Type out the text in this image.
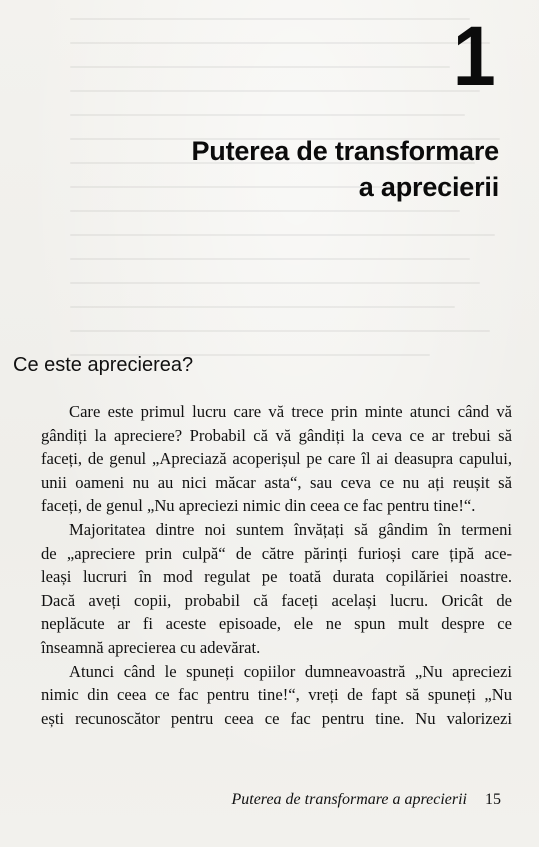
1
Puterea de transformare
a aprecierii
Ce este aprecierea?

Care este primul lucru care vă trece prin minte atunci când vă
gândiți la apreciere? Probabil că vă gândiți la ceva ce ar trebui să
faceți, de genul „Apreciază acoperișul pe care îl ai deasupra capului,
unii oameni nu au nici măcar asta“, sau ceva ce nu ați reușit să
faceți, de genul „Nu apreciezi nimic din ceea ce fac pentru tine!“.

Majoritatea dintre noi suntem învățați să gândim în termeni
de „apreciere prin culpă“ de către părinți furioși care țipă ace-
leași lucruri în mod regulat pe toată durata copilăriei noastre.
Dacă aveți copii, probabil că faceți același lucru. Oricât de
neplăcute ar fi aceste episoade, ele ne spun mult despre ce
înseamnă aprecierea cu adevărat.

Atunci când le spuneți copiilor dumneavoastră „Nu apreciezi
nimic din ceea ce fac pentru tine!“, vreți de fapt să spuneți „Nu
ești recunoscător pentru ceea ce fac pentru tine. Nu valorizezi

Puterea de transformare a aprecierii 15
